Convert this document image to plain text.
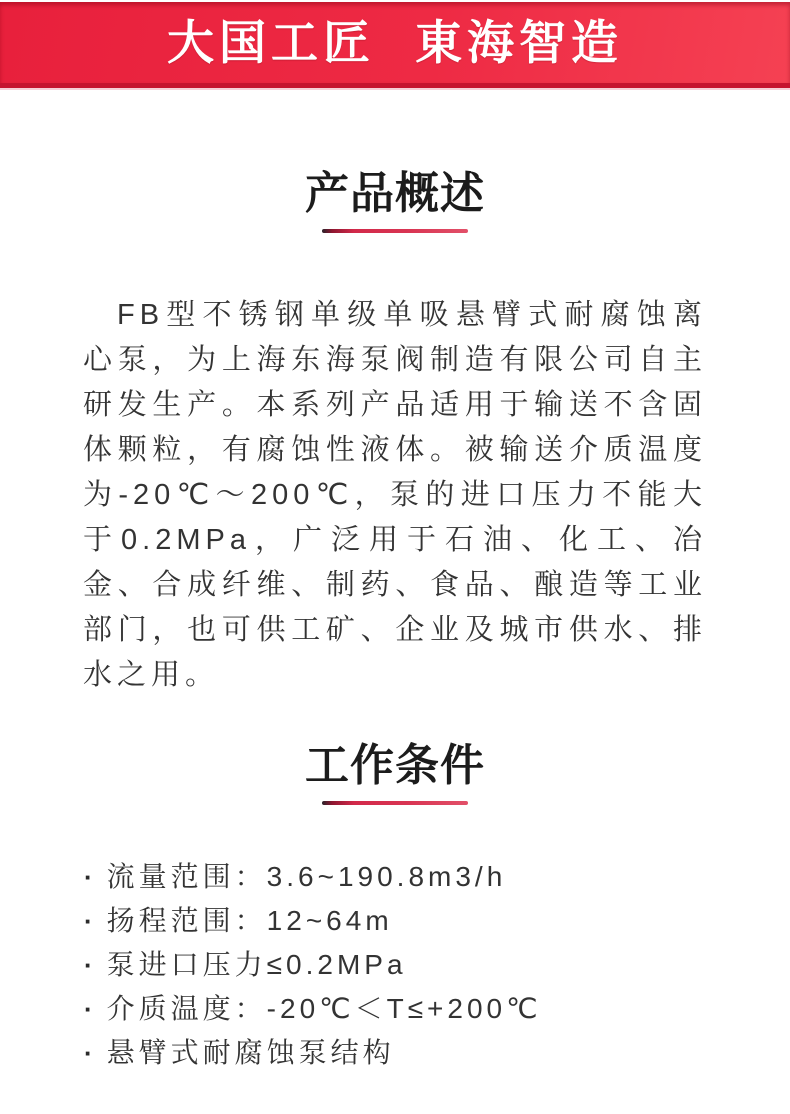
大国工匠 東海智造
产品概述

FB型不锈钢单级单吸悬臂式耐腐蚀离心泵，为上海东海泵阀制造有限公司自主研发生产。本系列产品适用于输送不含固体颗粒，有腐蚀性液体。被输送介质温度为-20℃～200℃，泵的进口压力不能大于0.2MPa，广泛用于石油、化工、冶金、合成纤维、制药、食品、酿造等工业部门，也可供工矿、企业及城市供水、排水之用。

工作条件
· 流量范围：3.6~190.8m3/h
· 扬程范围：12~64m
· 泵进口压力≤0.2MPa
· 介质温度：-20℃＜T≤+200℃
· 悬臂式耐腐蚀泵结构
